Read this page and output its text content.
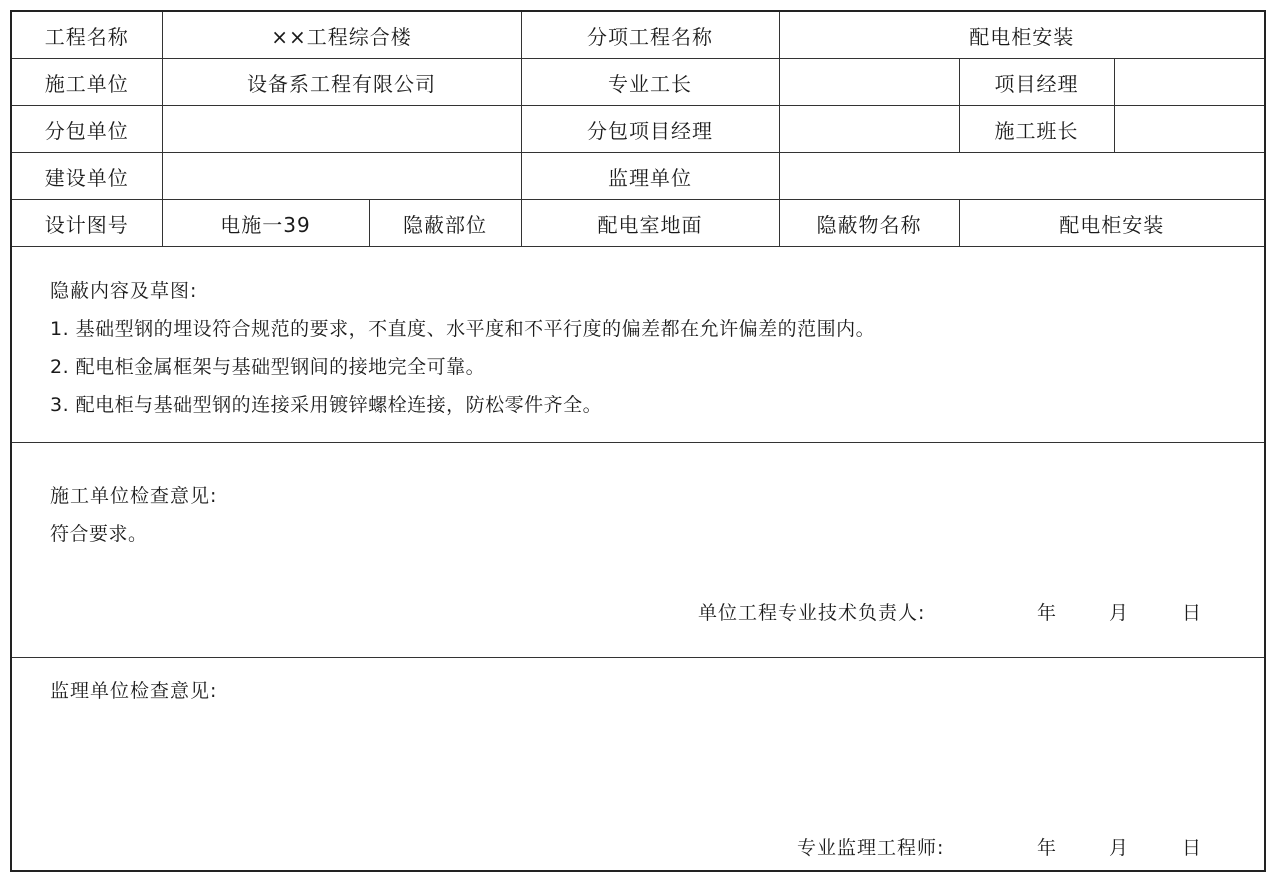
工程名称	××工程综合楼		分项工程名称	配电柜安装		
施工单位	设备系工程有限公司		专业工长		项目经理	
分包单位			分包项目经理		施工班长	
建设单位			监理单位			
设计图号	电施一39	隐蔽部位	配电室地面	隐蔽物名称	配电柜安装	
隐蔽内容及草图:
1. 基础型钢的埋设符合规范的要求，不直度、水平度和不平行度的偏差都在允许偏差的范围内。
2. 配电柜金属框架与基础型钢间的接地完全可靠。
3. 配电柜与基础型钢的连接采用镀锌螺栓连接，防松零件齐全。
施工单位检查意见:
符合要求。
单位工程专业技术负责人:	年	月	日
监理单位检查意见:
专业监理工程师:	年	月	日
